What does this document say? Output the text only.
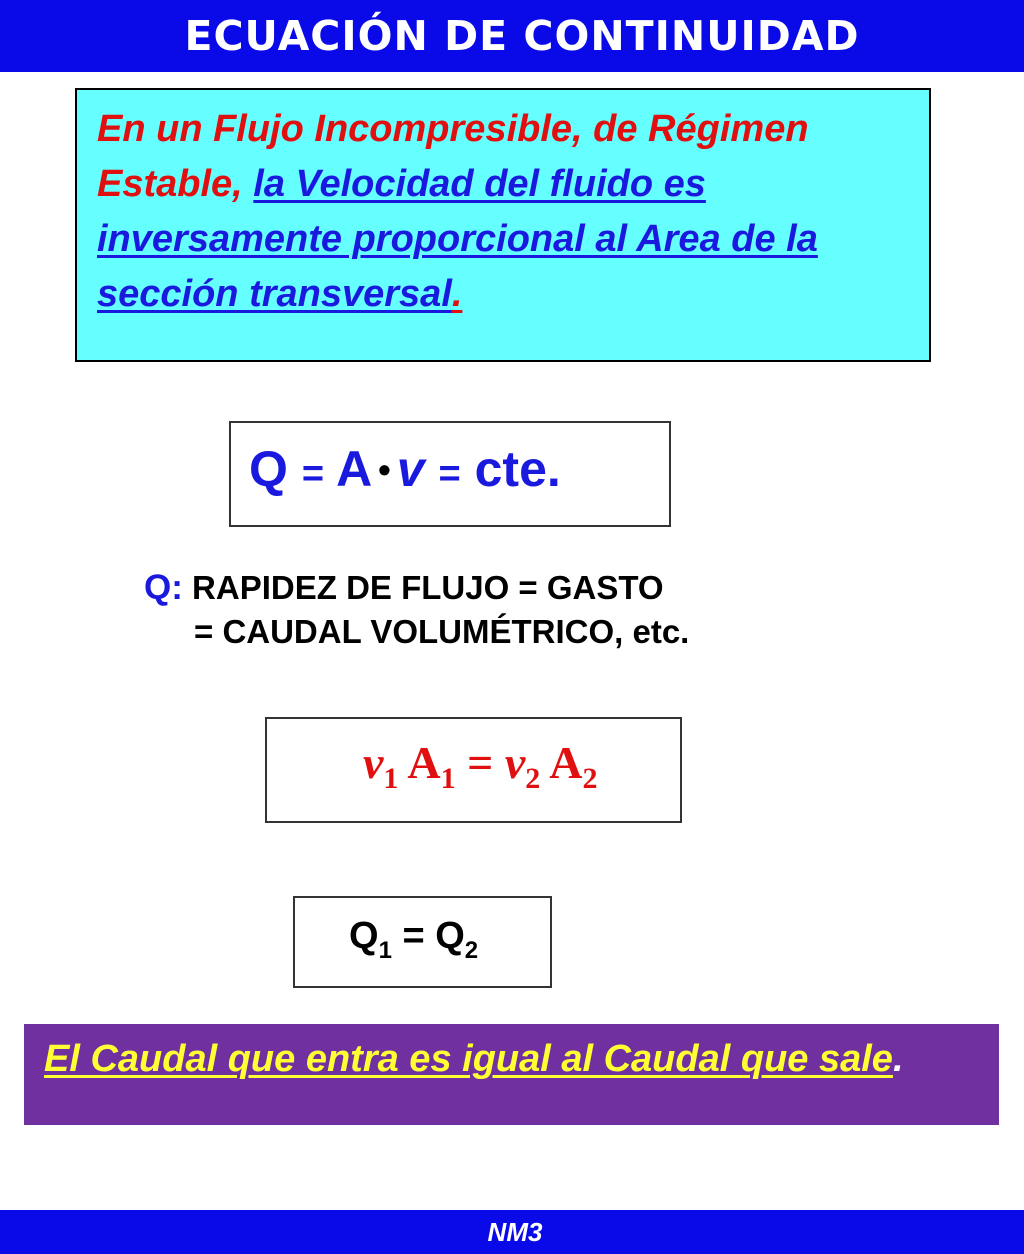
ECUACIÓN DE CONTINUIDAD
En un Flujo Incompresible, de Régimen Estable, la Velocidad del fluido es inversamente proporcional al Area de la sección transversal.
Q = A • v = cte.
Q: RAPIDEZ DE FLUJO = GASTO
= CAUDAL VOLUMÉTRICO, etc.
$v_1$ $A_1 = v_2$ $A_2$
$Q_1 = Q_2$
El Caudal que entra es igual al Caudal que sale.
NM3
